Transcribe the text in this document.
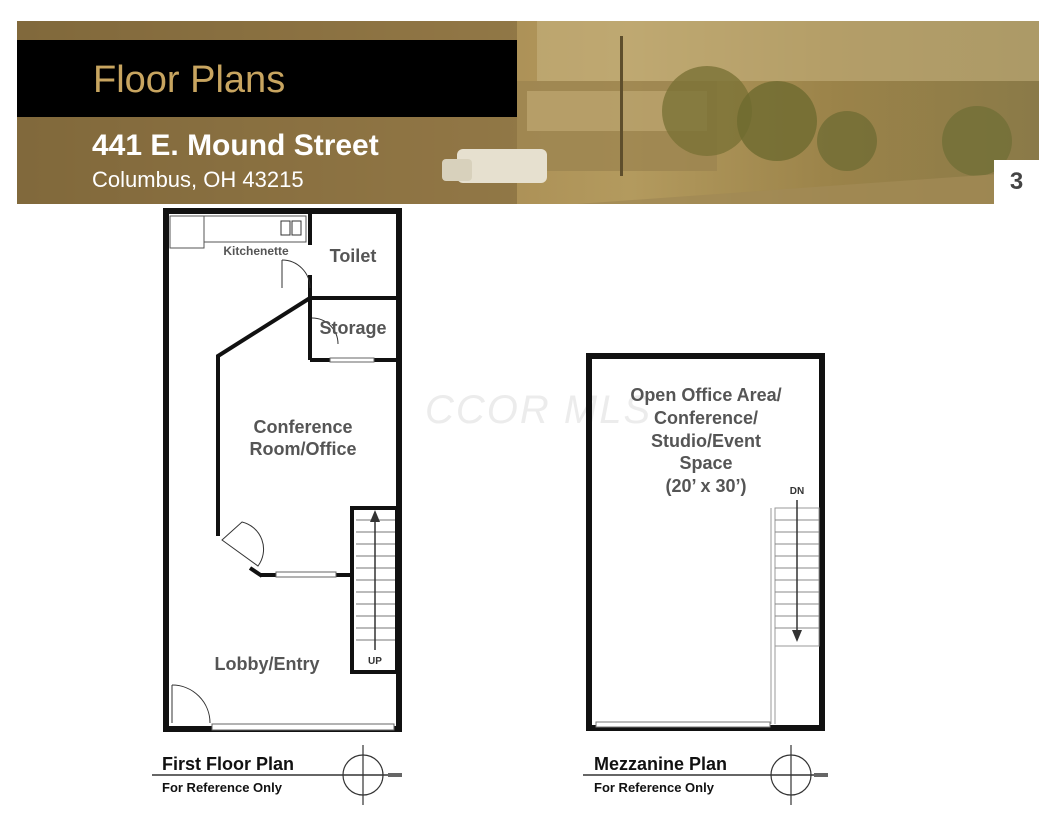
Floor Plans
441 E. Mound Street
Columbus, OH 43215	3
CCOR MLS
Kitchenette Toilet
Storage
Conference
Room/Office
Lobby/Entry	UP
Open Office Area/
Conference/
Studio/Event
Space
(20’ x 30’)	DN
First Floor Plan
For Reference Only
Mezzanine Plan
For Reference Only
